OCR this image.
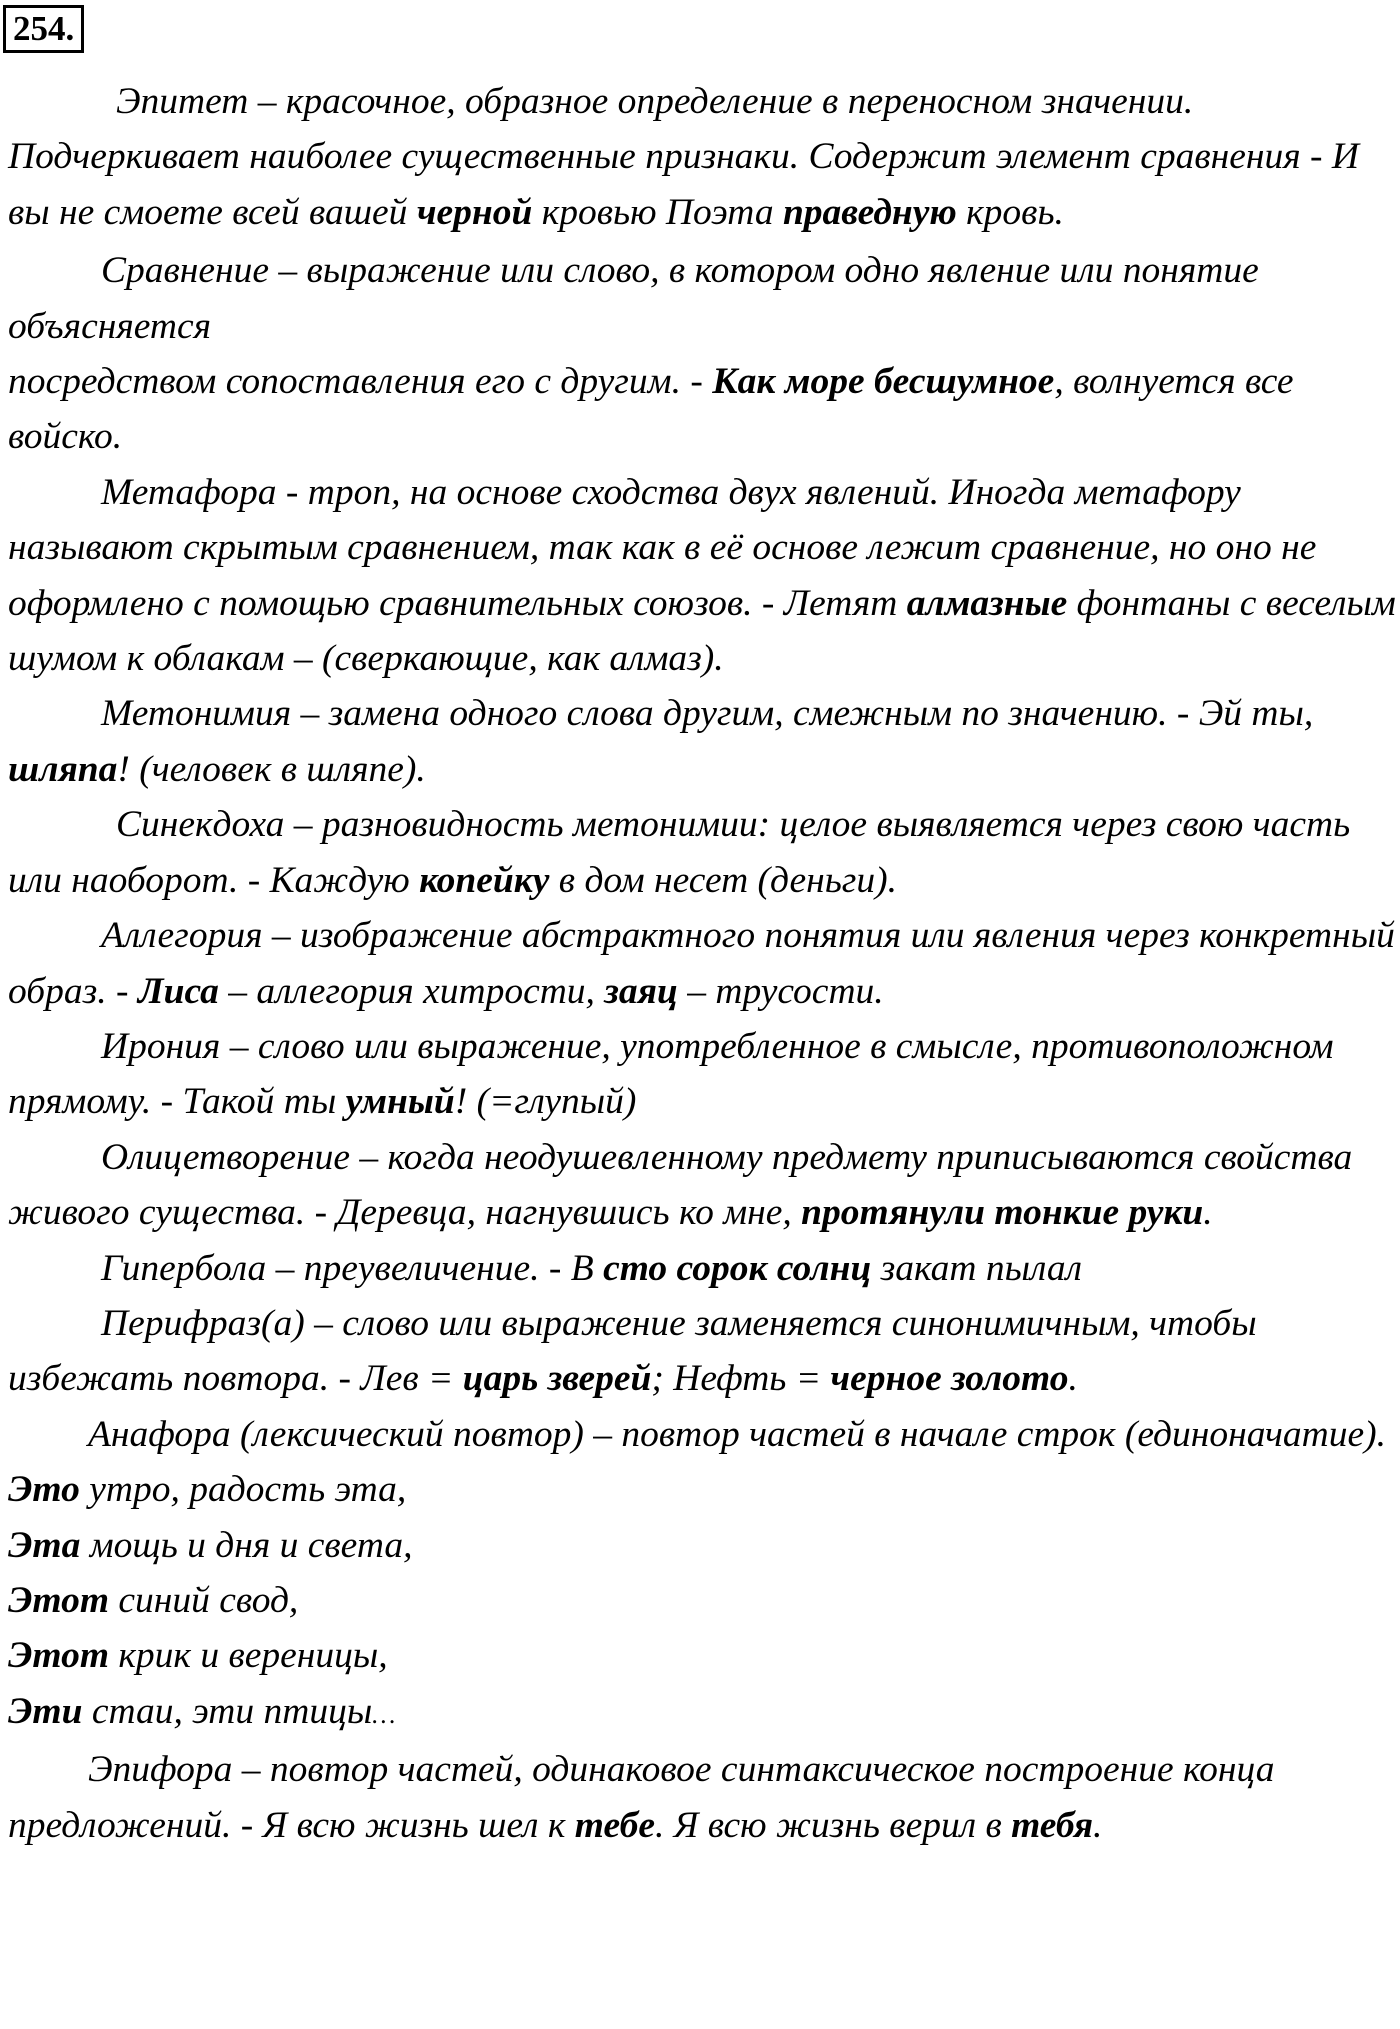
254.

Эпитет – красочное, образное определение в переносном значении. Подчеркивает наиболее существенные признаки. Содержит элемент сравнения - И вы не смоете всей вашей черной кровью Поэта праведную кровь.

Сравнение – выражение или слово, в котором одно явление или понятие объясняется

посредством сопоставления его с другим. - Как море бесшумное, волнуется все войско.

Метафора - троп, на основе сходства двух явлений. Иногда метафору называют скрытым сравнением, так как в её основе лежит сравнение, но оно не оформлено с помощью сравнительных союзов. - Летят алмазные фонтаны с веселым шумом к облакам – (сверкающие, как алмаз).

Метонимия – замена одного слова другим, смежным по значению. - Эй ты, шляпа! (человек в шляпе).

Синекдоха – разновидность метонимии: целое выявляется через свою часть или наоборот. - Каждую копейку в дом несет (деньги).

Аллегория – изображение абстрактного понятия или явления через конкретный образ. - Лиса – аллегория хитрости, заяц – трусости.

Ирония – слово или выражение, употребленное в смысле, противоположном прямому. - Такой ты умный! (=глупый)

Олицетворение – когда неодушевленному предмету приписываются свойства живого существа. - Деревца, нагнувшись ко мне, протянули тонкие руки.

Гипербола – преувеличение. - В сто сорок солнц закат пылал

Перифраз(а) – слово или выражение заменяется синонимичным, чтобы избежать повтора. - Лев = царь зверей; Нефть = черное золото.

Анафора (лексический повтор) – повтор частей в начале строк (единоначатие).

Это утро, радость эта,

Эта мощь и дня и света,

Этот синий свод,

Этот крик и вереницы,

Эти стаи, эти птицы…

Эпифора – повтор частей, одинаковое синтаксическое построение конца предложений. - Я всю жизнь шел к тебе. Я всю жизнь верил в тебя.
